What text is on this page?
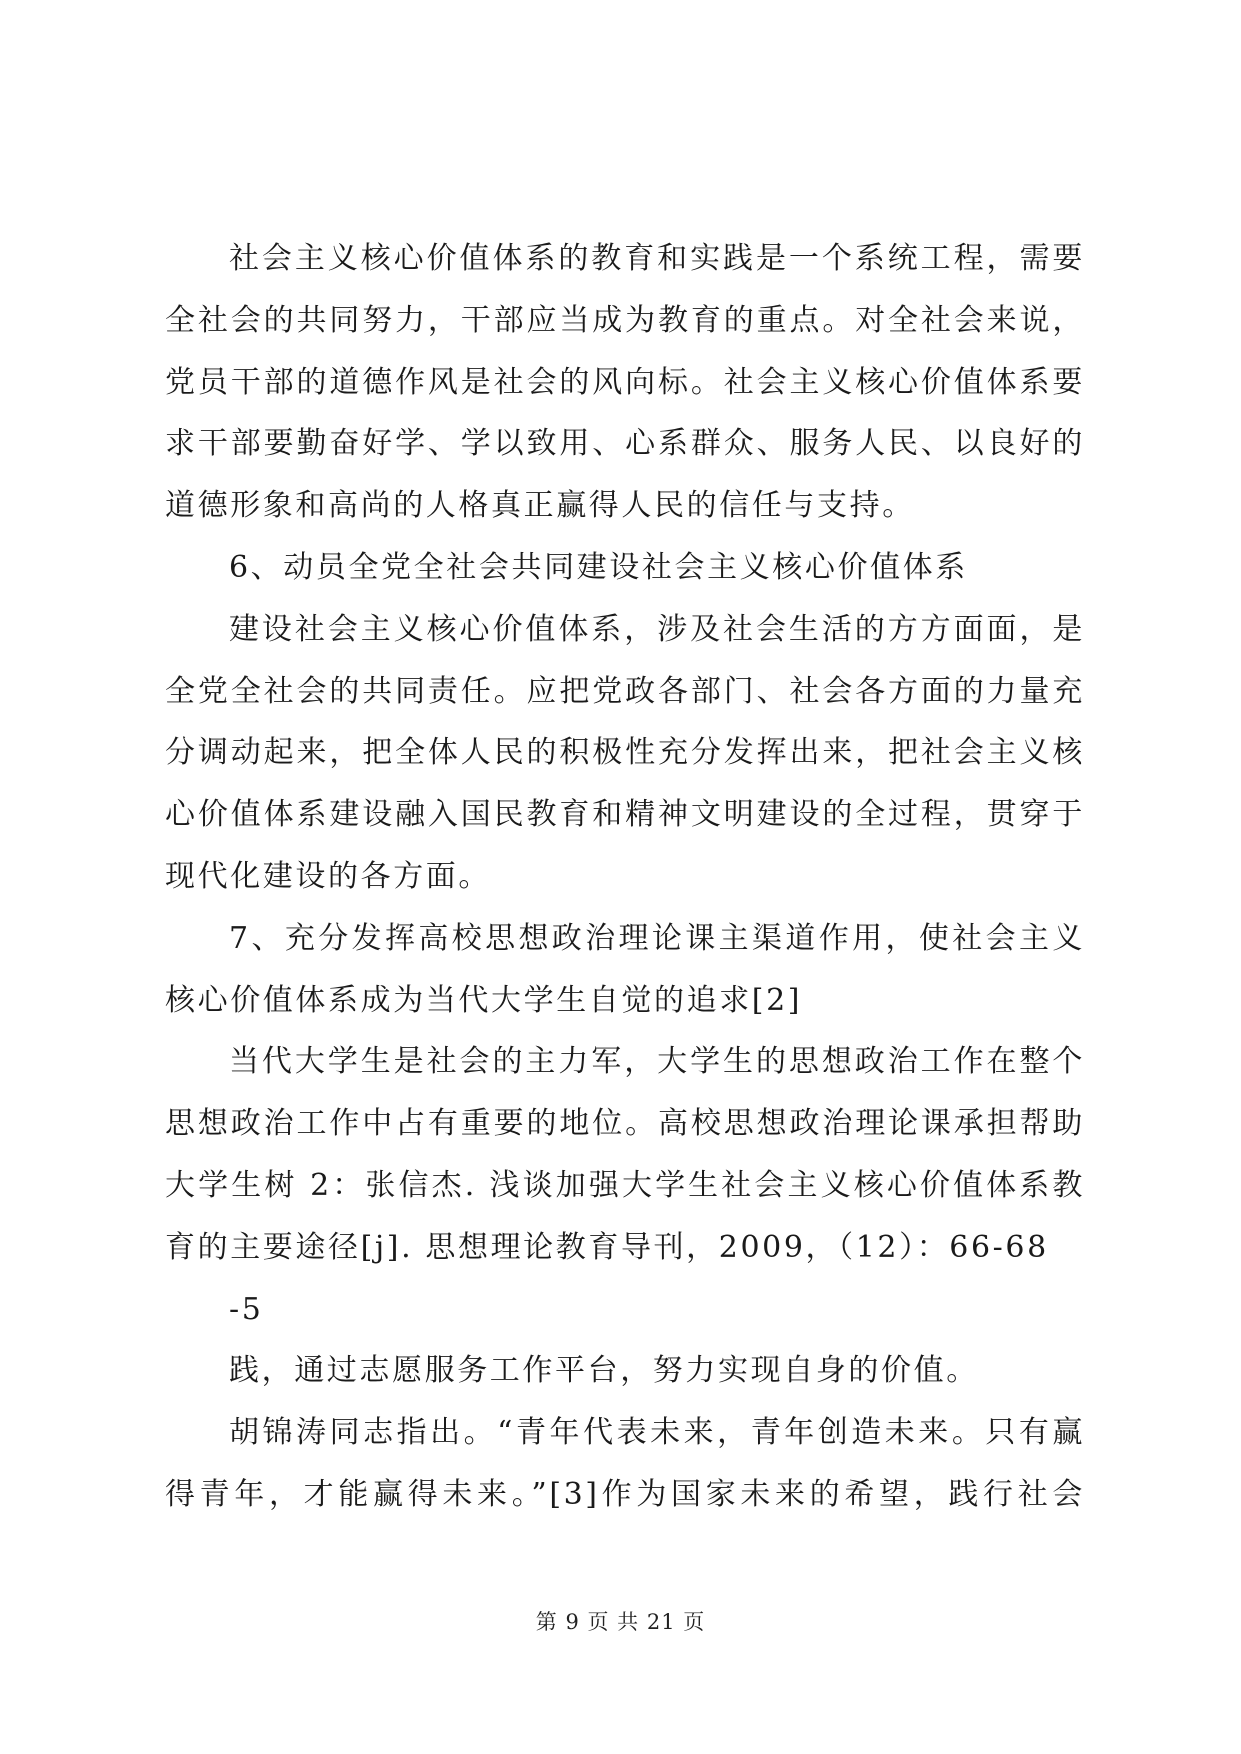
社会主义核心价值体系的教育和实践是一个系统工程，需要
全社会的共同努力，干部应当成为教育的重点。对全社会来说，
党员干部的道德作风是社会的风向标。社会主义核心价值体系要
求干部要勤奋好学、学以致用、心系群众、服务人民、以良好的
道德形象和高尚的人格真正赢得人民的信任与支持。
6、动员全党全社会共同建设社会主义核心价值体系
建设社会主义核心价值体系，涉及社会生活的方方面面，是
全党全社会的共同责任。应把党政各部门、社会各方面的力量充
分调动起来，把全体人民的积极性充分发挥出来，把社会主义核
心价值体系建设融入国民教育和精神文明建设的全过程，贯穿于
现代化建设的各方面。
7、充分发挥高校思想政治理论课主渠道作用，使社会主义
核心价值体系成为当代大学生自觉的追求[2]
当代大学生是社会的主力军，大学生的思想政治工作在整个
思想政治工作中占有重要的地位。高校思想政治理论课承担帮助
大学生树 2：张信杰. 浅谈加强大学生社会主义核心价值体系教
育的主要途径[j]. 思想理论教育导刊，2009，（12）：66-68
-5
践，通过志愿服务工作平台，努力实现自身的价值。
胡锦涛同志指出。“青年代表未来，青年创造未来。只有赢
得青年，才能赢得未来。”[3]作为国家未来的希望，践行社会
第 9 页 共 21 页
